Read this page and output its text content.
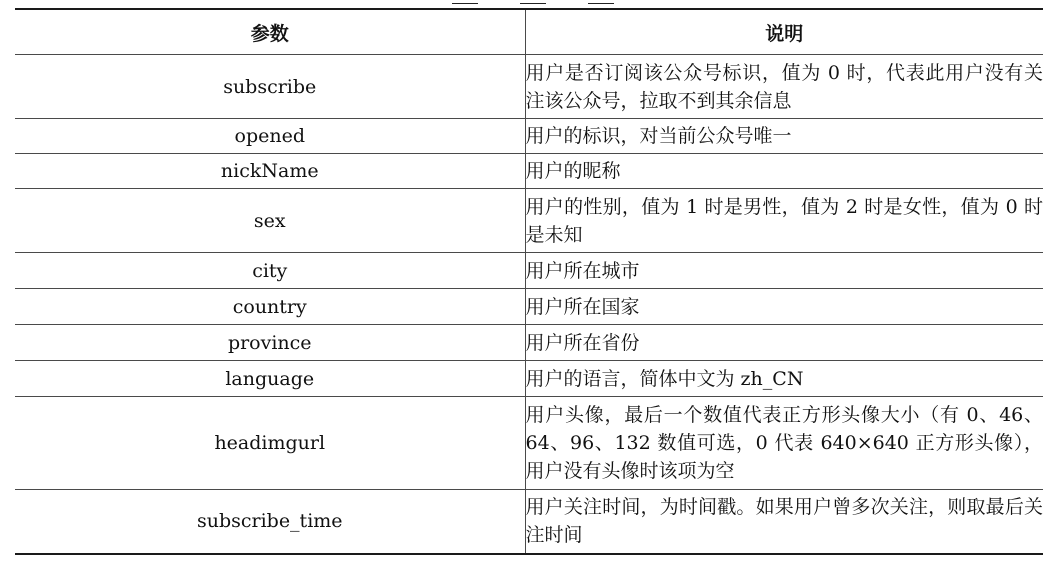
参数	说明
subscribe	用户是否订阅该公众号标识，值为 0 时，代表此用户没有关注该公众号，拉取不到其余信息
opened	用户的标识，对当前公众号唯一
nickName	用户的昵称
sex	用户的性别，值为 1 时是男性，值为 2 时是女性，值为 0 时是未知
city	用户所在城市
country	用户所在国家
province	用户所在省份
language	用户的语言，简体中文为 zh_CN
headimgurl	用户头像，最后一个数值代表正方形头像大小（有 0、46、64、96、132 数值可选，0 代表 640×640 正方形头像），用户没有头像时该项为空
subscribe_time	用户关注时间，为时间戳。如果用户曾多次关注，则取最后关注时间
